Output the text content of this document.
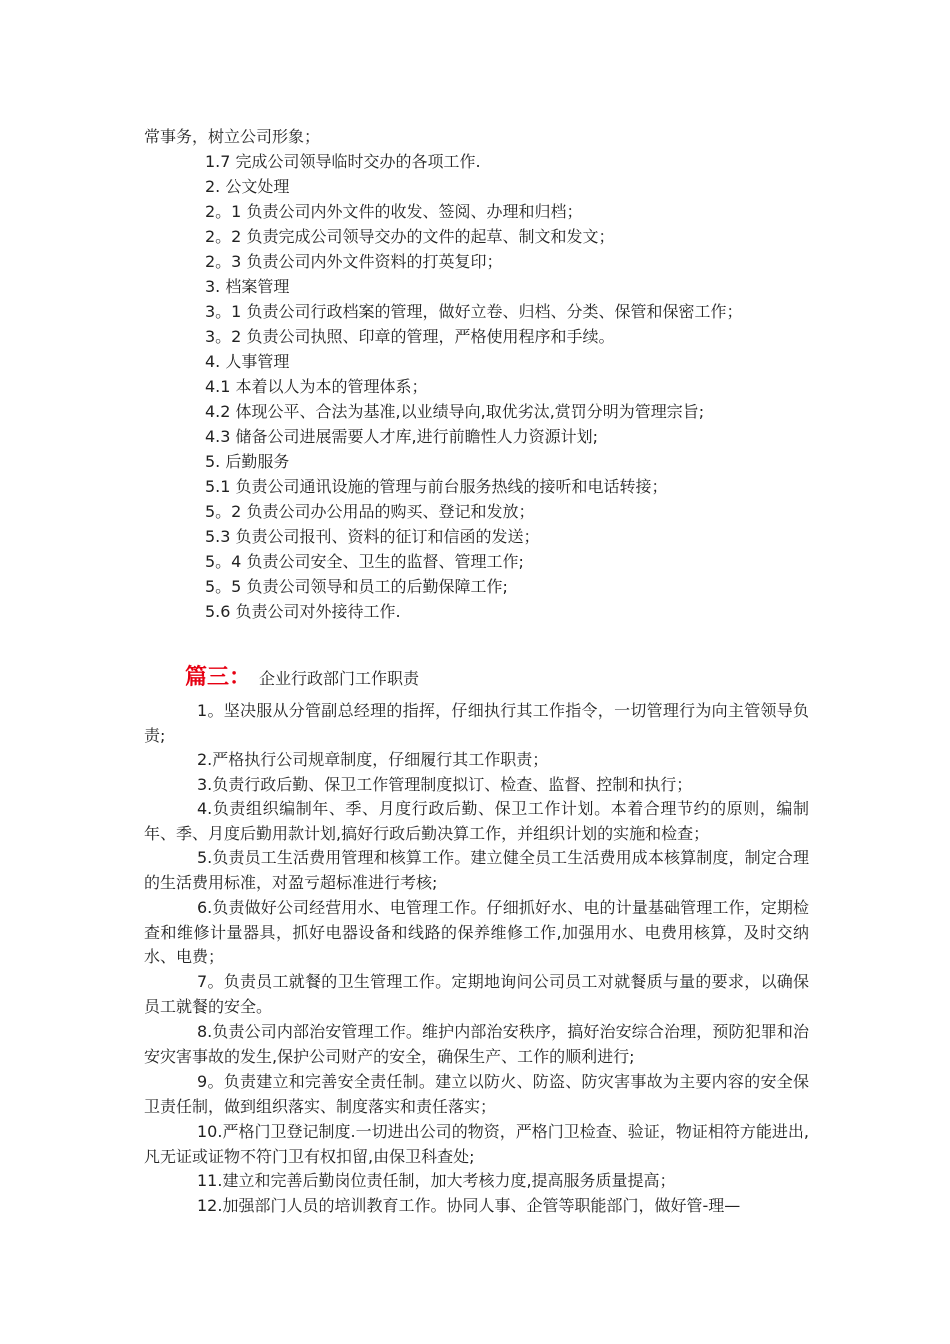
常事务，树立公司形象；
1.7 完成公司领导临时交办的各项工作.
2. 公文处理
2。1 负责公司内外文件的收发、签阅、办理和归档；
2。2 负责完成公司领导交办的文件的起草、制文和发文；
2。3 负责公司内外文件资料的打英复印；
3. 档案管理
3。1 负责公司行政档案的管理，做好立卷、归档、分类、保管和保密工作；
3。2 负责公司执照、印章的管理，严格使用程序和手续。
4. 人事管理
4.1 本着以人为本的管理体系；
4.2 体现公平、合法为基准,以业绩导向,取优劣汰,赏罚分明为管理宗旨;
4.3 储备公司进展需要人才库,进行前瞻性人力资源计划;
5. 后勤服务
5.1 负责公司通讯设施的管理与前台服务热线的接听和电话转接；
5。2 负责公司办公用品的购买、登记和发放；
5.3 负责公司报刊、资料的征订和信函的发送；
5。4 负责公司安全、卫生的监督、管理工作;
5。5 负责公司领导和员工的后勤保障工作;
5.6 负责公司对外接待工作.
篇三： 企业行政部门工作职责
1。坚决服从分管副总经理的指挥，仔细执行其工作指令，一切管理行为向主管领导负责;
2.严格执行公司规章制度，仔细履行其工作职责；
3.负责行政后勤、保卫工作管理制度拟订、检查、监督、控制和执行；
4.负责组织编制年、季、月度行政后勤、保卫工作计划。本着合理节约的原则，编制年、季、月度后勤用款计划,搞好行政后勤决算工作，并组织计划的实施和检查；
5.负责员工生活费用管理和核算工作。建立健全员工生活费用成本核算制度，制定合理的生活费用标准，对盈亏超标准进行考核;
6.负责做好公司经营用水、电管理工作。仔细抓好水、电的计量基础管理工作，定期检查和维修计量器具，抓好电器设备和线路的保养维修工作,加强用水、电费用核算，及时交纳水、电费；
7。负责员工就餐的卫生管理工作。定期地询问公司员工对就餐质与量的要求，以确保员工就餐的安全。
8.负责公司内部治安管理工作。维护内部治安秩序，搞好治安综合治理，预防犯罪和治安灾害事故的发生,保护公司财产的安全，确保生产、工作的顺利进行;
9。负责建立和完善安全责任制。建立以防火、防盗、防灾害事故为主要内容的安全保卫责任制，做到组织落实、制度落实和责任落实；
10.严格门卫登记制度.一切进出公司的物资，严格门卫检查、验证，物证相符方能进出,凡无证或证物不符门卫有权扣留,由保卫科查处;
11.建立和完善后勤岗位责任制，加大考核力度,提高服务质量提高；
12.加强部门人员的培训教育工作。协同人事、企管等职能部门，做好管-理—
